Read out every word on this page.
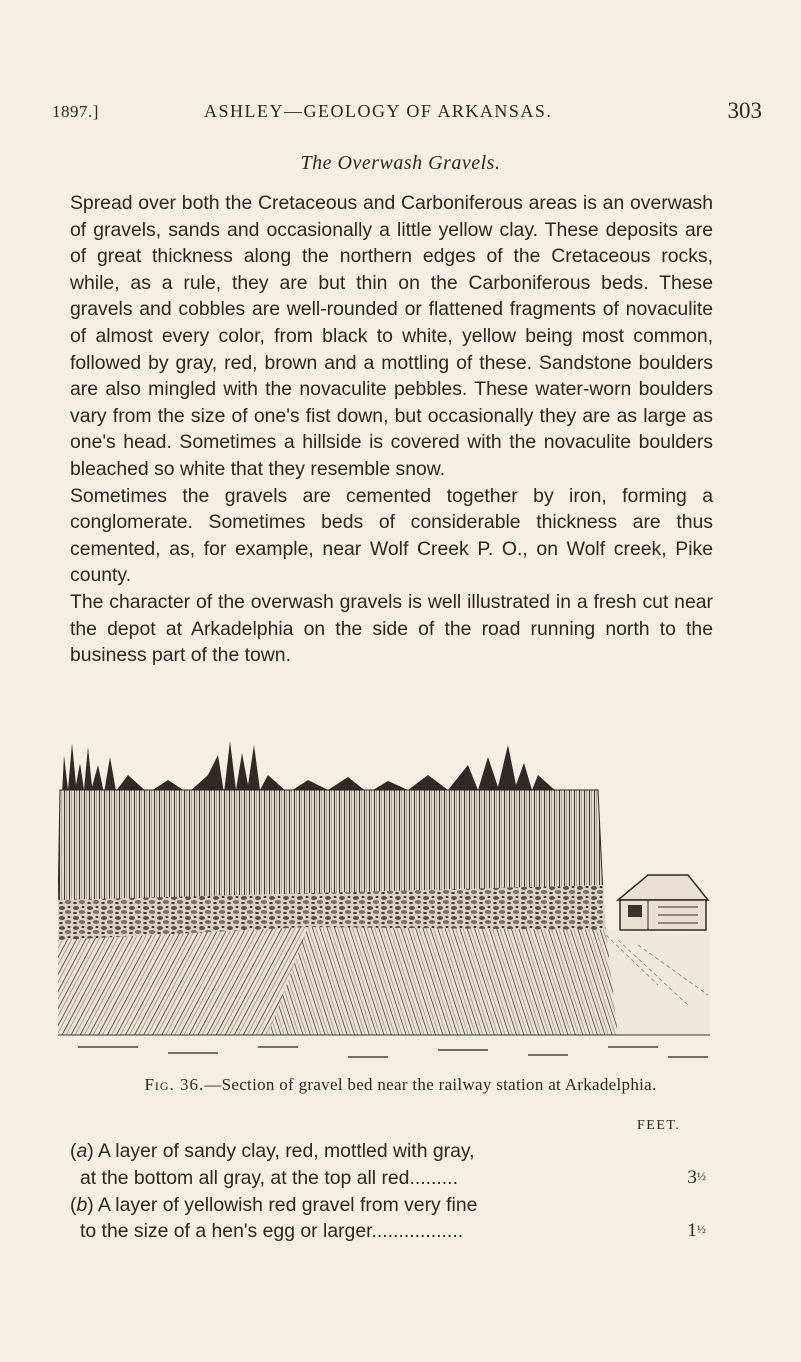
1897.]	ASHLEY—GEOLOGY OF ARKANSAS.	303
The Overwash Gravels.

Spread over both the Cretaceous and Carboniferous areas is an overwash of gravels, sands and occasionally a little yellow clay. These deposits are of great thickness along the northern edges of the Cretaceous rocks, while, as a rule, they are but thin on the Carboniferous beds. These gravels and cobbles are well-rounded or flattened fragments of novaculite of almost every color, from black to white, yellow being most common, followed by gray, red, brown and a mottling of these. Sandstone boulders are also mingled with the novaculite pebbles. These water-worn boulders vary from the size of one's fist down, but occasionally they are as large as one's head. Sometimes a hillside is covered with the novaculite boulders bleached so white that they resemble snow.

Sometimes the gravels are cemented together by iron, forming a conglomerate. Sometimes beds of considerable thickness are thus cemented, as, for example, near Wolf Creek P. O., on Wolf creek, Pike county.

The character of the overwash gravels is well illustrated in a fresh cut near the depot at Arkadelphia on the side of the road running north to the business part of the town.

Fig. 36.—Section of gravel bed near the railway station at Arkadelphia.
FEET.
(a) A layer of sandy clay, red, mottled with gray,
at the bottom all gray, at the top all red.........	3½
(b) A layer of yellowish red gravel from very fine
to the size of a hen's egg or larger.................	1½
